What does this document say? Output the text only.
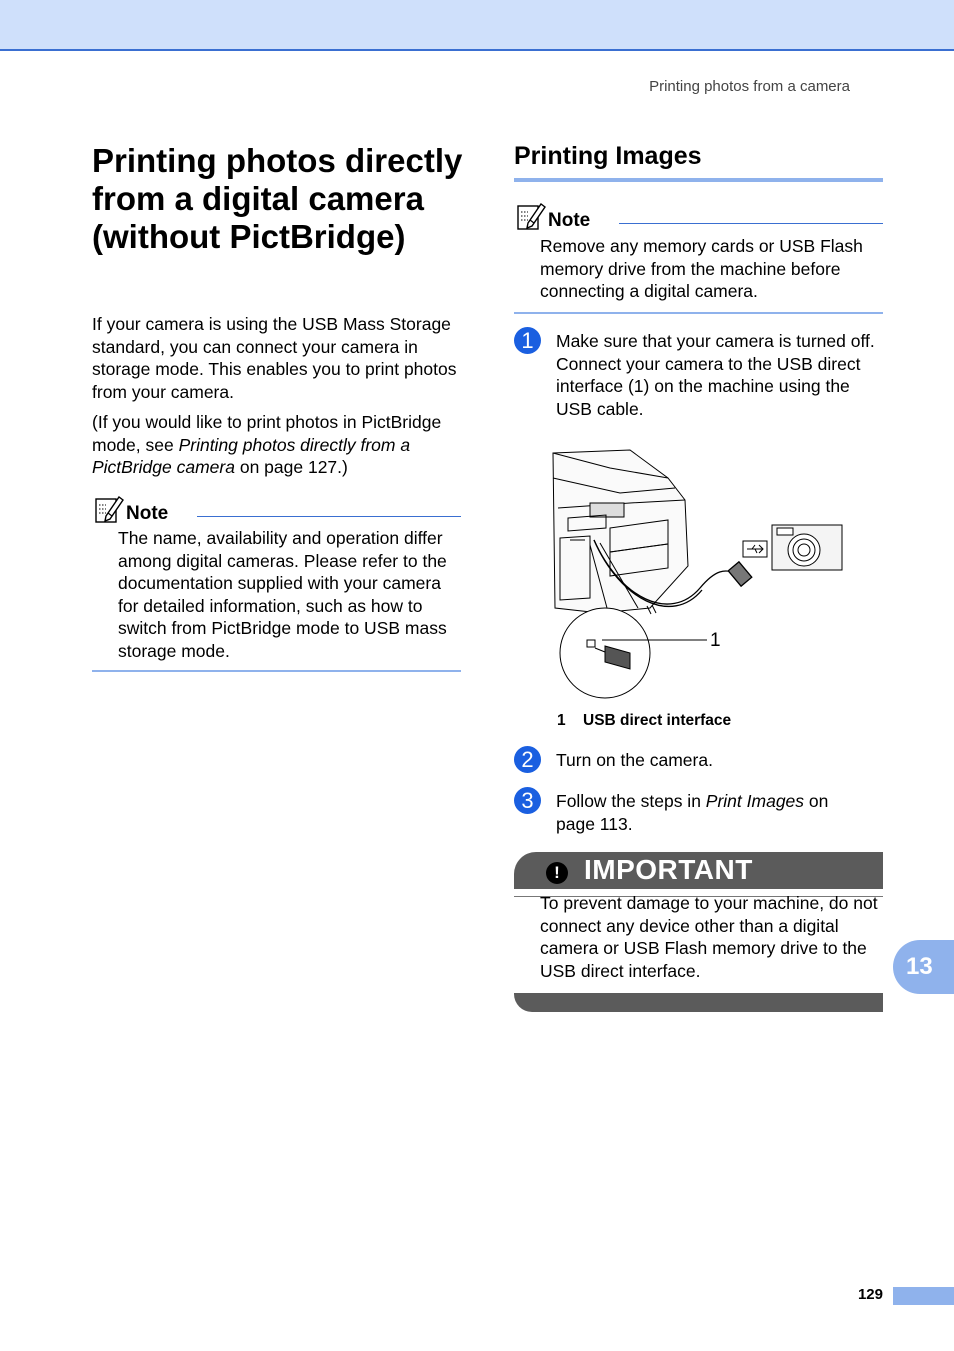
Printing photos from a camera
Printing photos directly from a digital camera (without PictBridge)

If your camera is using the USB Mass Storage standard, you can connect your camera in storage mode. This enables you to print photos from your camera.

(If you would like to print photos in PictBridge mode, see Printing photos directly from a PictBridge camera on page 127.)

Note

The name, availability and operation differ among digital cameras. Please refer to the documentation supplied with your camera for detailed information, such as how to switch from PictBridge mode to USB mass storage mode.

Printing Images
Note

Remove any memory cards or USB Flash memory drive from the machine before connecting a digital camera.

1	Make sure that your camera is turned off. Connect your camera to the USB direct interface (1) on the machine using the USB cable.

1
1 USB direct interface
2	Turn on the camera.

3	Follow the steps in Print Images on page 113.

! IMPORTANT

To prevent damage to your machine, do not connect any device other than a digital camera or USB Flash memory drive to the USB direct interface.	13
129
